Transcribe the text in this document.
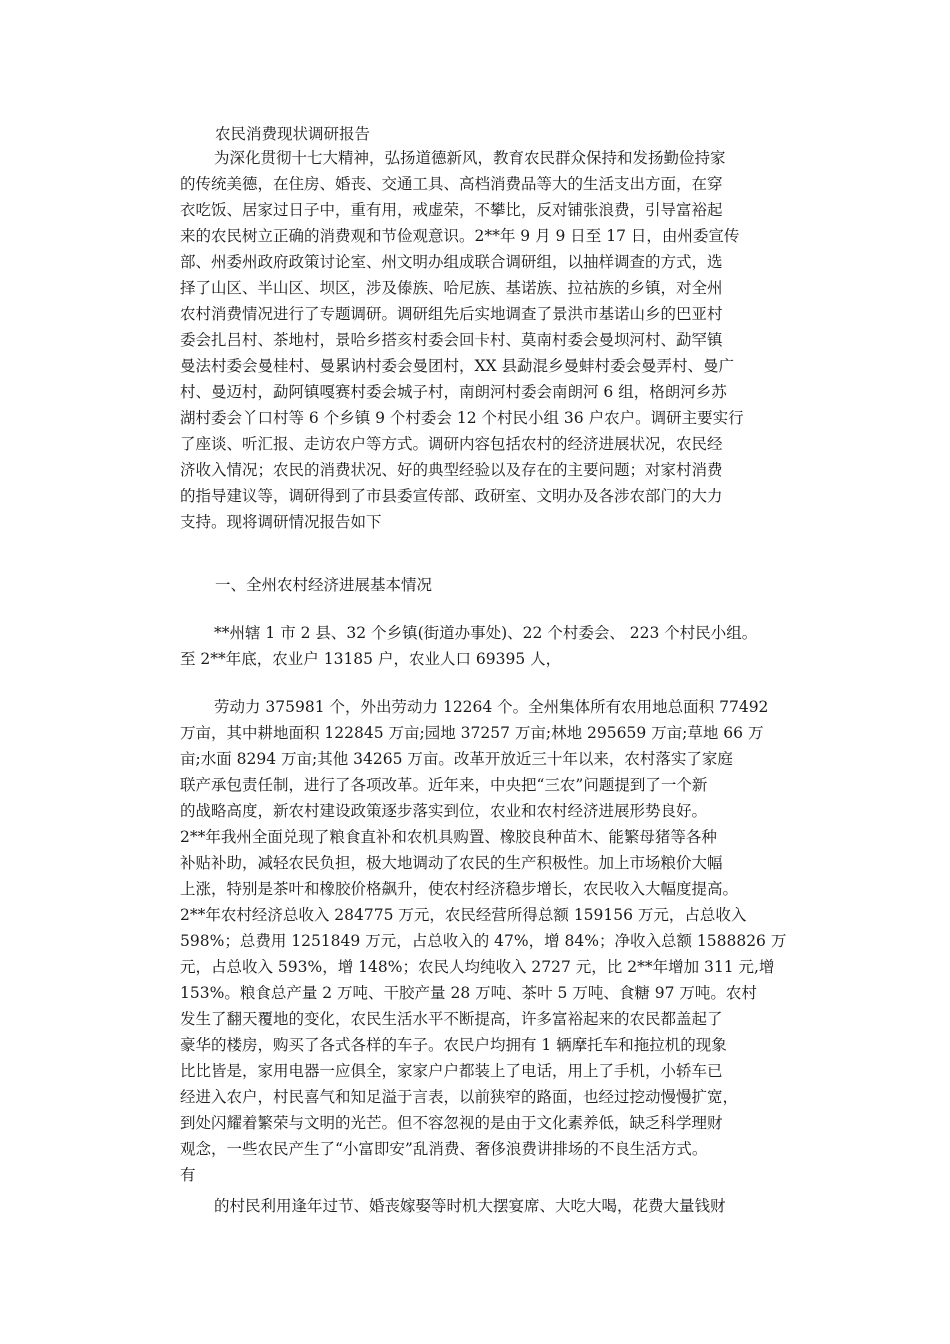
农民消费现状调研报告
为深化贯彻十七大精神，弘扬道德新风，教育农民群众保持和发扬勤俭持家
的传统美德，在住房、婚丧、交通工具、高档消费品等大的生活支出方面，在穿
衣吃饭、居家过日子中，重有用，戒虚荣，不攀比，反对铺张浪费，引导富裕起
来的农民树立正确的消费观和节俭观意识。2**年 9 月 9 日至 17 日，由州委宣传
部、州委州政府政策讨论室、州文明办组成联合调研组，以抽样调查的方式，选
择了山区、半山区、坝区，涉及傣族、哈尼族、基诺族、拉祜族的乡镇，对全州
农村消费情况进行了专题调研。调研组先后实地调查了景洪市基诺山乡的巴亚村
委会扎吕村、茶地村，景哈乡搭亥村委会回卡村、莫南村委会曼坝河村、勐罕镇
曼法村委会曼桂村、曼累讷村委会曼团村，XX 县勐混乡曼蚌村委会曼弄村、曼广
村、曼迈村，勐阿镇嘎赛村委会城子村，南朗河村委会南朗河 6 组，格朗河乡苏
湖村委会丫口村等 6 个乡镇 9 个村委会 12 个村民小组 36 户农户。调研主要实行
了座谈、听汇报、走访农户等方式。调研内容包括农村的经济进展状况，农民经
济收入情况；农民的消费状况、好的典型经验以及存在的主要问题；对家村消费
的指导建议等，调研得到了市县委宣传部、政研室、文明办及各涉农部门的大力
支持。现将调研情况报告如下
一、全州农村经济进展基本情况
**州辖 1 市 2 县、32 个乡镇(街道办事处)、22 个村委会、 223 个村民小组。
至 2**年底，农业户 13185 户，农业人口 69395 人，
劳动力 375981 个，外出劳动力 12264 个。全州集体所有农用地总面积 77492
万亩，其中耕地面积 122845 万亩;园地 37257 万亩;林地 295659 万亩;草地 66 万
亩;水面 8294 万亩;其他 34265 万亩。改革开放近三十年以来，农村落实了家庭
联产承包责任制，进行了各项改革。近年来，中央把“三农”问题提到了一个新
的战略高度，新农村建设政策逐步落实到位，农业和农村经济进展形势良好。
2**年我州全面兑现了粮食直补和农机具购置、橡胶良种苗木、能繁母猪等各种
补贴补助，减轻农民负担，极大地调动了农民的生产积极性。加上市场粮价大幅
上涨，特别是茶叶和橡胶价格飙升，使农村经济稳步增长，农民收入大幅度提高。
2**年农村经济总收入 284775 万元，农民经营所得总额 159156 万元，占总收入
598%；总费用 1251849 万元，占总收入的 47%，增 84%；净收入总额 1588826 万
元，占总收入 593%，增 148%；农民人均纯收入 2727 元，比 2**年增加 311 元,增
153%。粮食总产量 2 万吨、干胶产量 28 万吨、茶叶 5 万吨、食糖 97 万吨。农村
发生了翻天覆地的变化，农民生活水平不断提高，许多富裕起来的农民都盖起了
豪华的楼房，购买了各式各样的车子。农民户均拥有 1 辆摩托车和拖拉机的现象
比比皆是，家用电器一应俱全，家家户户都装上了电话，用上了手机，小轿车已
经进入农户，村民喜气和知足溢于言表，以前狭窄的路面，也经过挖动慢慢扩宽，
到处闪耀着繁荣与文明的光芒。但不容忽视的是由于文化素养低，缺乏科学理财
观念，一些农民产生了“小富即安”乱消费、奢侈浪费讲排场的不良生活方式。
有
的村民利用逢年过节、婚丧嫁娶等时机大摆宴席、大吃大喝，花费大量钱财
